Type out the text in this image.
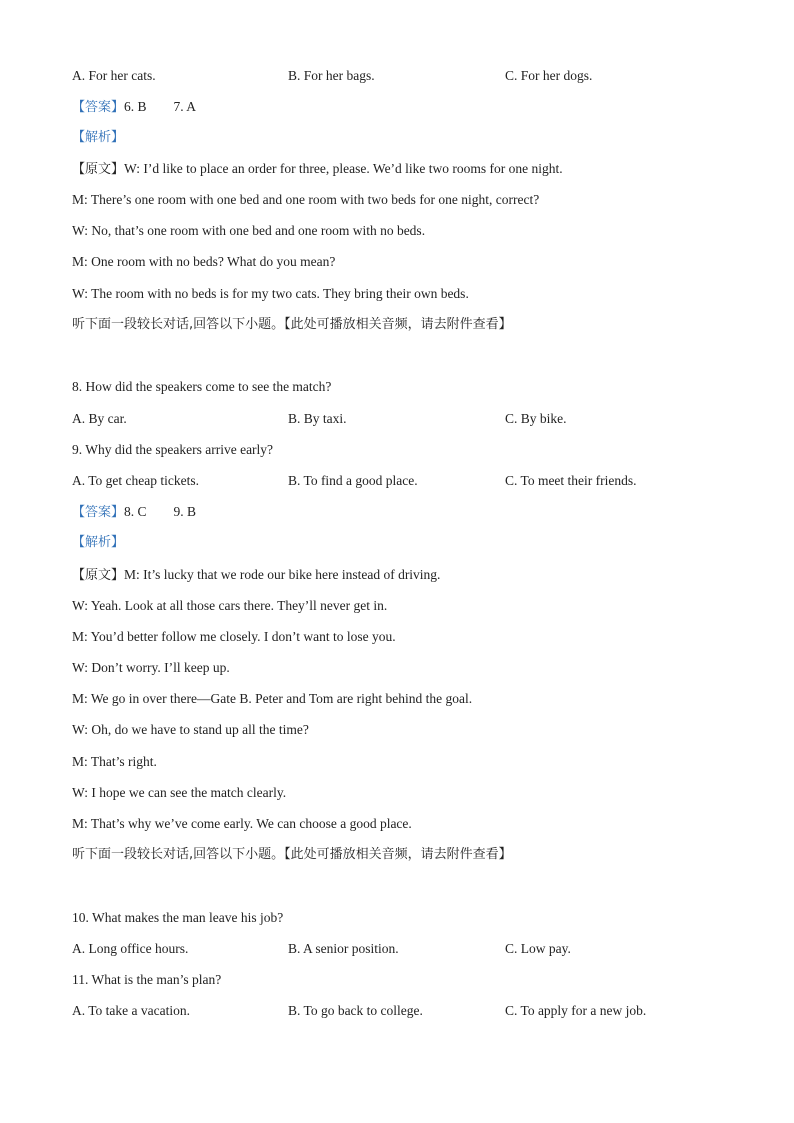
A. For her cats.	B. For her bags.	C. For her dogs.
【答案】6. B        7. A
【解析】
【原文】W: I’d like to place an order for three, please. We’d like two rooms for one night.
M: There’s one room with one bed and one room with two beds for one night, correct?
W: No, that’s one room with one bed and one room with no beds.
M: One room with no beds? What do you mean?
W: The room with no beds is for my two cats. They bring their own beds.
听下面一段较长对话,回答以下小题。【此处可播放相关音频，请去附件查看】
8. How did the speakers come to see the match?
A. By car.	B. By taxi.	C. By bike.
9. Why did the speakers arrive early?
A. To get cheap tickets.	B. To find a good place.	C. To meet their friends.
【答案】8. C        9. B
【解析】
【原文】M: It’s lucky that we rode our bike here instead of driving.
W: Yeah. Look at all those cars there. They’ll never get in.
M: You’d better follow me closely. I don’t want to lose you.
W: Don’t worry. I’ll keep up.
M: We go in over there—Gate B. Peter and Tom are right behind the goal.
W: Oh, do we have to stand up all the time?
M: That’s right.
W: I hope we can see the match clearly.
M: That’s why we’ve come early. We can choose a good place.
听下面一段较长对话,回答以下小题。【此处可播放相关音频，请去附件查看】
10. What makes the man leave his job?
A. Long office hours.	B. A senior position.	C. Low pay.
11. What is the man’s plan?
A. To take a vacation.	B. To go back to college.	C. To apply for a new job.
